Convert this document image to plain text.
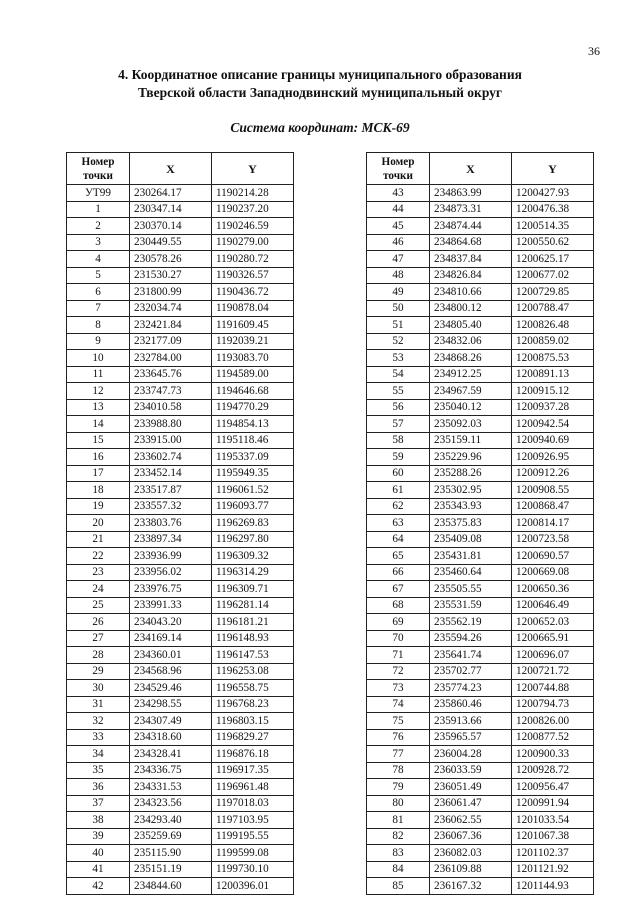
36
4. Координатное описание границы муниципального образования
Тверской области Западнодвинский муниципальный округ
Система координат: МСК-69
Номер
точки	X	Y
УТ99	230264.17	1190214.28
1	230347.14	1190237.20
2	230370.14	1190246.59
3	230449.55	1190279.00
4	230578.26	1190280.72
5	231530.27	1190326.57
6	231800.99	1190436.72
7	232034.74	1190878.04
8	232421.84	1191609.45
9	232177.09	1192039.21
10	232784.00	1193083.70
11	233645.76	1194589.00
12	233747.73	1194646.68
13	234010.58	1194770.29
14	233988.80	1194854.13
15	233915.00	1195118.46
16	233602.74	1195337.09
17	233452.14	1195949.35
18	233517.87	1196061.52
19	233557.32	1196093.77
20	233803.76	1196269.83
21	233897.34	1196297.80
22	233936.99	1196309.32
23	233956.02	1196314.29
24	233976.75	1196309.71
25	233991.33	1196281.14
26	234043.20	1196181.21
27	234169.14	1196148.93
28	234360.01	1196147.53
29	234568.96	1196253.08
30	234529.46	1196558.75
31	234298.55	1196768.23
32	234307.49	1196803.15
33	234318.60	1196829.27
34	234328.41	1196876.18
35	234336.75	1196917.35
36	234331.53	1196961.48
37	234323.56	1197018.03
38	234293.40	1197103.95
39	235259.69	1199195.55
40	235115.90	1199599.08
41	235151.19	1199730.10
42	234844.60	1200396.01
Номер
точки	X	Y
43	234863.99	1200427.93
44	234873.31	1200476.38
45	234874.44	1200514.35
46	234864.68	1200550.62
47	234837.84	1200625.17
48	234826.84	1200677.02
49	234810.66	1200729.85
50	234800.12	1200788.47
51	234805.40	1200826.48
52	234832.06	1200859.02
53	234868.26	1200875.53
54	234912.25	1200891.13
55	234967.59	1200915.12
56	235040.12	1200937.28
57	235092.03	1200942.54
58	235159.11	1200940.69
59	235229.96	1200926.95
60	235288.26	1200912.26
61	235302.95	1200908.55
62	235343.93	1200868.47
63	235375.83	1200814.17
64	235409.08	1200723.58
65	235431.81	1200690.57
66	235460.64	1200669.08
67	235505.55	1200650.36
68	235531.59	1200646.49
69	235562.19	1200652.03
70	235594.26	1200665.91
71	235641.74	1200696.07
72	235702.77	1200721.72
73	235774.23	1200744.88
74	235860.46	1200794.73
75	235913.66	1200826.00
76	235965.57	1200877.52
77	236004.28	1200900.33
78	236033.59	1200928.72
79	236051.49	1200956.47
80	236061.47	1200991.94
81	236062.55	1201033.54
82	236067.36	1201067.38
83	236082.03	1201102.37
84	236109.88	1201121.92
85	236167.32	1201144.93
